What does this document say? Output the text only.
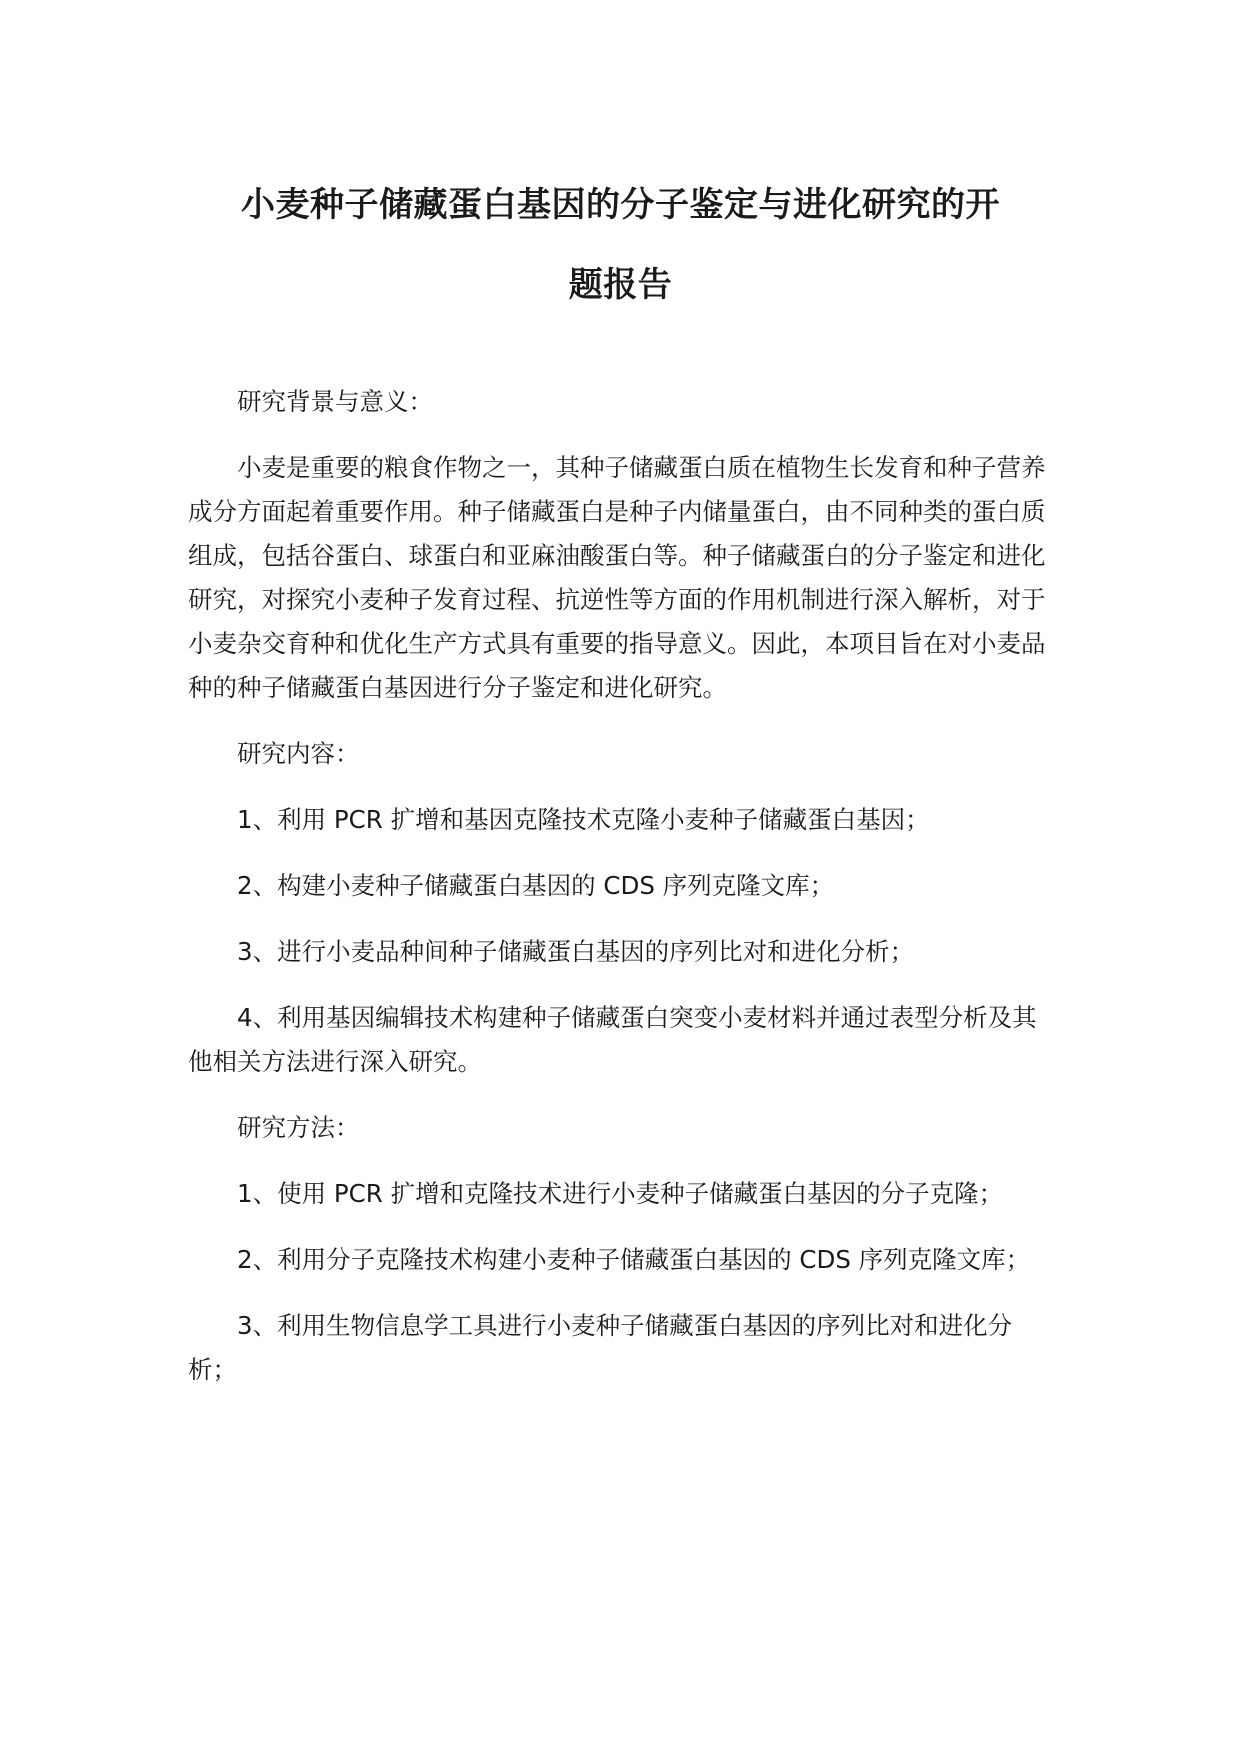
小麦种子储藏蛋白基因的分子鉴定与进化研究的开
题报告

研究背景与意义：

小麦是重要的粮食作物之一，其种子储藏蛋白质在植物生长发育和种子营养成分方面起着重要作用。种子储藏蛋白是种子内储量蛋白，由不同种类的蛋白质组成，包括谷蛋白、球蛋白和亚麻油酸蛋白等。种子储藏蛋白的分子鉴定和进化研究，对探究小麦种子发育过程、抗逆性等方面的作用机制进行深入解析，对于小麦杂交育种和优化生产方式具有重要的指导意义。因此，本项目旨在对小麦品种的种子储藏蛋白基因进行分子鉴定和进化研究。

研究内容：

1、利用 PCR 扩增和基因克隆技术克隆小麦种子储藏蛋白基因；

2、构建小麦种子储藏蛋白基因的 CDS 序列克隆文库；

3、进行小麦品种间种子储藏蛋白基因的序列比对和进化分析；

4、利用基因编辑技术构建种子储藏蛋白突变小麦材料并通过表型分析及其他相关方法进行深入研究。

研究方法：

1、使用 PCR 扩增和克隆技术进行小麦种子储藏蛋白基因的分子克隆；

2、利用分子克隆技术构建小麦种子储藏蛋白基因的 CDS 序列克隆文库；

3、利用生物信息学工具进行小麦种子储藏蛋白基因的序列比对和进化分析；
